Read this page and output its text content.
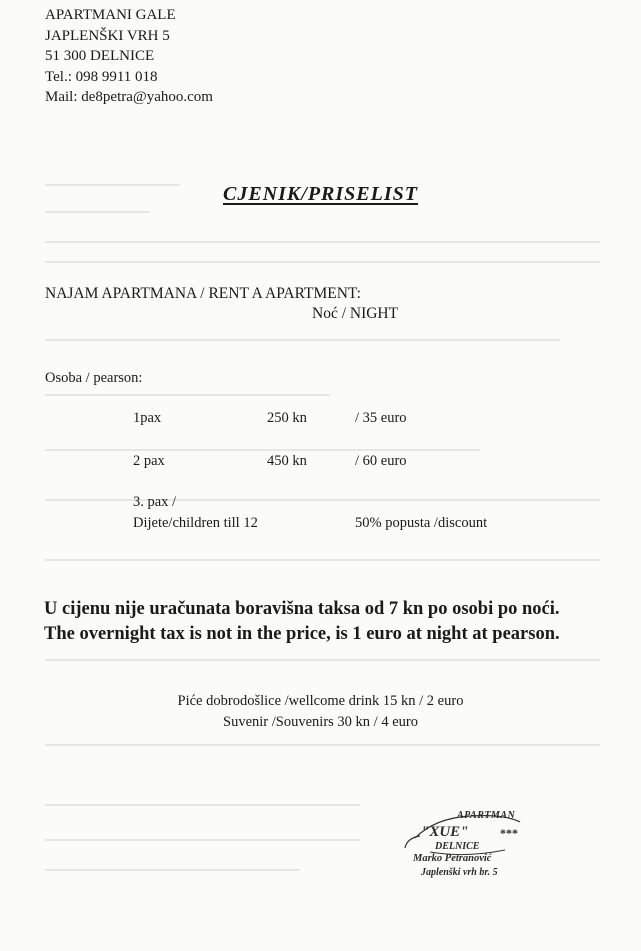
APARTMANI GALE
JAPLENŠKI VRH 5
51 300 DELNICE
Tel.: 098 9911 018
Mail: de8petra@yahoo.com
CJENIK/PRISELIST
NAJAM APARTMANA / RENT A APARTMENT:
Noć / NIGHT
Osoba / pearson:
1pax	250 kn	/ 35 euro
2 pax	450 kn	/ 60 euro
3. pax /
Dijete/children till 12	50% popusta /discount
U cijenu nije uračunata boravišna taksa od 7 kn po osobi po noći.
The overnight tax is not in the price, is 1 euro at night at pearson.
Piće dobrodošlice /wellcome drink 15 kn / 2 euro
Suvenir /Souvenirs 30 kn / 4 euro
APARTMAN
"XUE"	***
DELNICE
Marko Petranović
Japlenški vrh br. 5
